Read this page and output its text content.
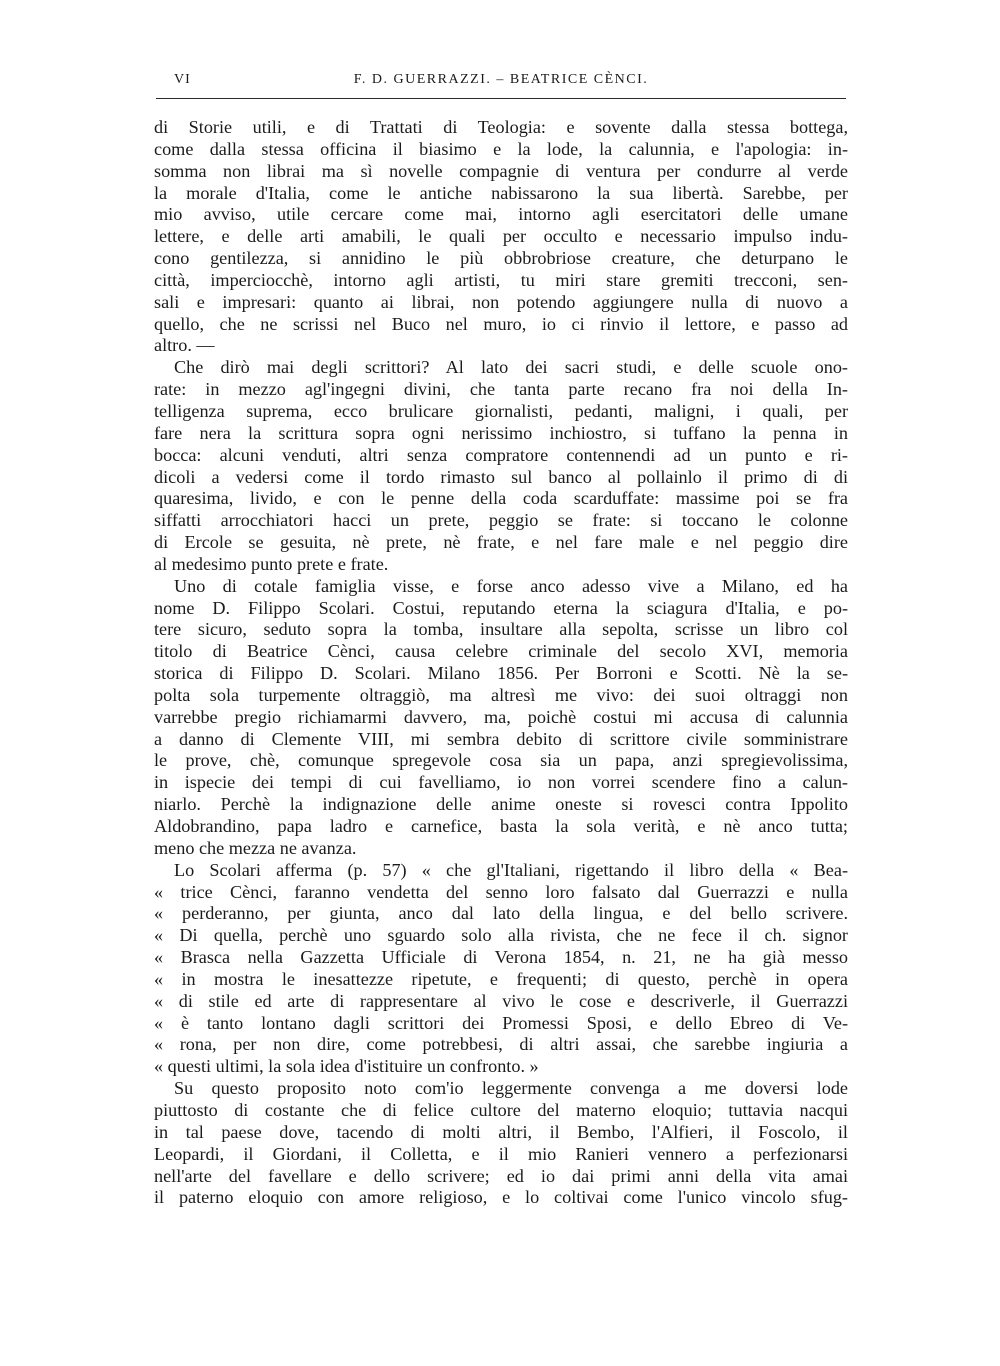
VI	F. D. GUERRAZZI. – BEATRICE CÈNCI.
di Storie utili, e di Trattati di Teologia: e sovente dalla stessa bottega,
come dalla stessa officina il biasimo e la lode, la calunnia, e l'apologia: in-
somma non librai ma sì novelle compagnie di ventura per condurre al verde
la morale d'Italia, come le antiche nabissarono la sua libertà. Sarebbe, per
mio avviso, utile cercare come mai, intorno agli esercitatori delle umane
lettere, e delle arti amabili, le quali per occulto e necessario impulso indu-
cono gentilezza, si annidino le più obbrobriose creature, che deturpano le
città, imperciocchè, intorno agli artisti, tu miri stare gremiti trecconi, sen-
sali e impresari: quanto ai librai, non potendo aggiungere nulla di nuovo a
quello, che ne scrissi nel Buco nel muro, io ci rinvio il lettore, e passo ad
altro. —
Che dirò mai degli scrittori? Al lato dei sacri studi, e delle scuole ono-
rate: in mezzo agl'ingegni divini, che tanta parte recano fra noi della In-
telligenza suprema, ecco brulicare giornalisti, pedanti, maligni, i quali, per
fare nera la scrittura sopra ogni nerissimo inchiostro, si tuffano la penna in
bocca: alcuni venduti, altri senza compratore contennendi ad un punto e ri-
dicoli a vedersi come il tordo rimasto sul banco al pollainlo il primo di di
quaresima, livido, e con le penne della coda scarduffate: massime poi se fra
siffatti arrocchiatori hacci un prete, peggio se frate: si toccano le colonne
di Ercole se gesuita, nè prete, nè frate, e nel fare male e nel peggio dire
al medesimo punto prete e frate.
Uno di cotale famiglia visse, e forse anco adesso vive a Milano, ed ha
nome D. Filippo Scolari. Costui, reputando eterna la sciagura d'Italia, e po-
tere sicuro, seduto sopra la tomba, insultare alla sepolta, scrisse un libro col
titolo di Beatrice Cènci, causa celebre criminale del secolo XVI, memoria
storica di Filippo D. Scolari. Milano 1856. Per Borroni e Scotti. Nè la se-
polta sola turpemente oltraggiò, ma altresì me vivo: dei suoi oltraggi non
varrebbe pregio richiamarmi davvero, ma, poichè costui mi accusa di calunnia
a danno di Clemente VIII, mi sembra debito di scrittore civile somministrare
le prove, chè, comunque spregevole cosa sia un papa, anzi spregievolissima,
in ispecie dei tempi di cui favelliamo, io non vorrei scendere fino a calun-
niarlo. Perchè la indignazione delle anime oneste si rovesci contra Ippolito
Aldobrandino, papa ladro e carnefice, basta la sola verità, e nè anco tutta;
meno che mezza ne avanza.
Lo Scolari afferma (p. 57) « che gl'Italiani, rigettando il libro della « Bea-
« trice Cènci, faranno vendetta del senno loro falsato dal Guerrazzi e nulla
« perderanno, per giunta, anco dal lato della lingua, e del bello scrivere.
« Di quella, perchè uno sguardo solo alla rivista, che ne fece il ch. signor
« Brasca nella Gazzetta Ufficiale di Verona 1854, n. 21, ne ha già messo
« in mostra le inesattezze ripetute, e frequenti; di questo, perchè in opera
« di stile ed arte di rappresentare al vivo le cose e descriverle, il Guerrazzi
« è tanto lontano dagli scrittori dei Promessi Sposi, e dello Ebreo di Ve-
« rona, per non dire, come potrebbesi, di altri assai, che sarebbe ingiuria a
« questi ultimi, la sola idea d'istituire un confronto. »
Su questo proposito noto com'io leggermente convenga a me doversi lode
piuttosto di costante che di felice cultore del materno eloquio; tuttavia nacqui
in tal paese dove, tacendo di molti altri, il Bembo, l'Alfieri, il Foscolo, il
Leopardi, il Giordani, il Colletta, e il mio Ranieri vennero a perfezionarsi
nell'arte del favellare e dello scrivere; ed io dai primi anni della vita amai
il paterno eloquio con amore religioso, e lo coltivai come l'unico vincolo sfug-
